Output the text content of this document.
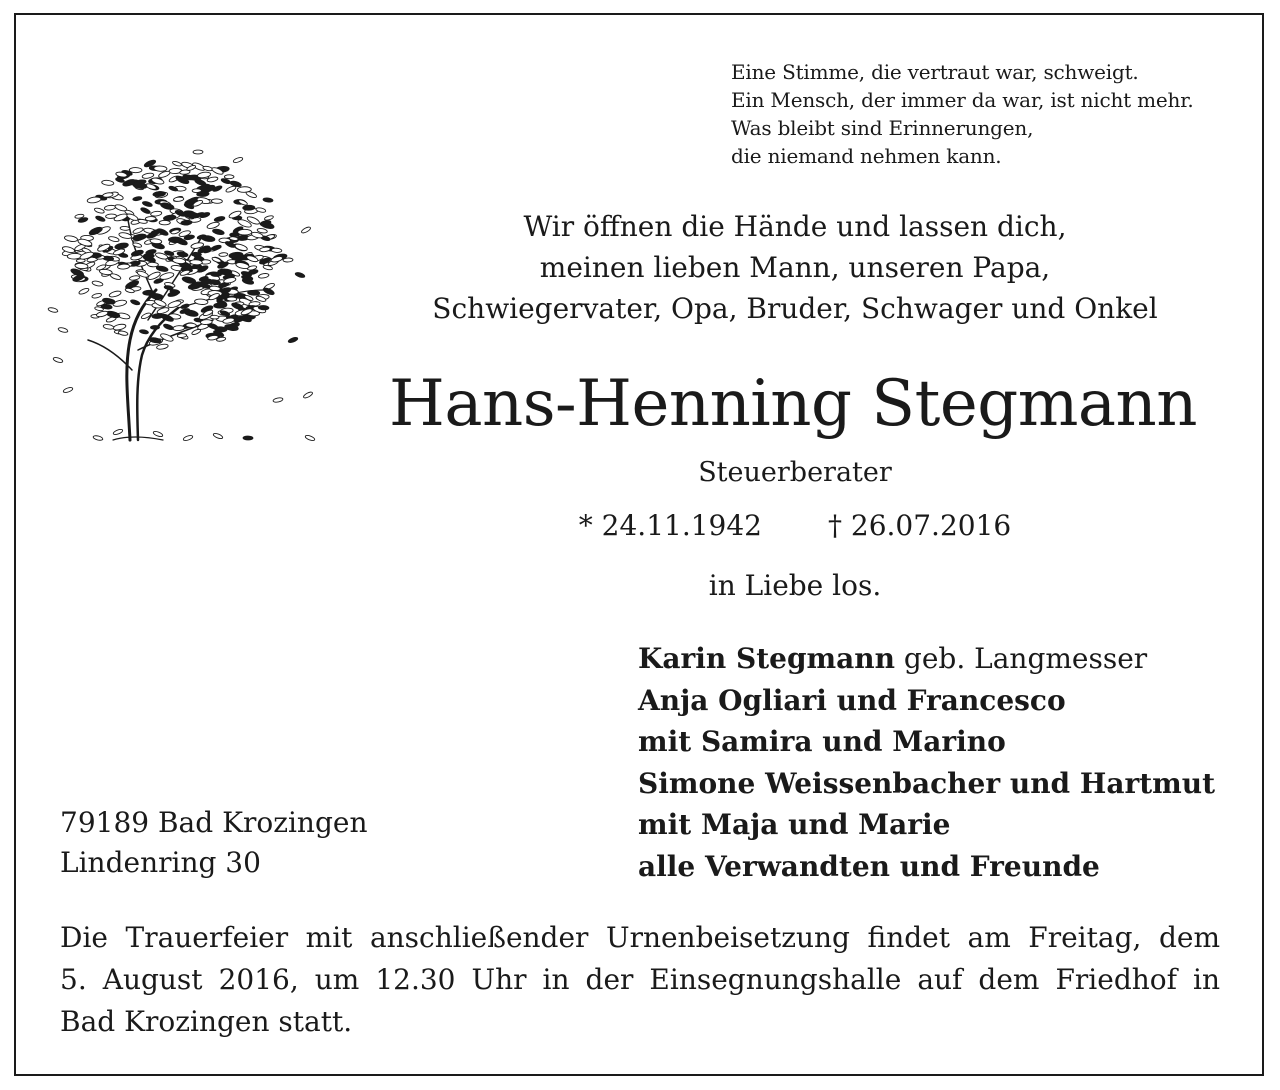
Eine Stimme, die vertraut war, schweigt.
Ein Mensch, der immer da war, ist nicht mehr.
Was bleibt sind Erinnerungen,
die niemand nehmen kann.
Wir öffnen die Hände und lassen dich,
meinen lieben Mann, unseren Papa,
Schwiegervater, Opa, Bruder, Schwager und Onkel
Hans-Henning Stegmann
Steuerberater
* 24.11.1942 † 26.07.2016
in Liebe los.
Karin Stegmann geb. Langmesser
Anja Ogliari und Francesco
mit Samira und Marino
Simone Weissenbacher und Hartmut
mit Maja und Marie
alle Verwandten und Freunde
79189 Bad Krozingen
Lindenring 30
Die Trauerfeier mit anschließender Urnenbeisetzung findet am Freitag, dem
5. August 2016, um 12.30 Uhr in der Einsegnungshalle auf dem Friedhof in
Bad Krozingen statt.
